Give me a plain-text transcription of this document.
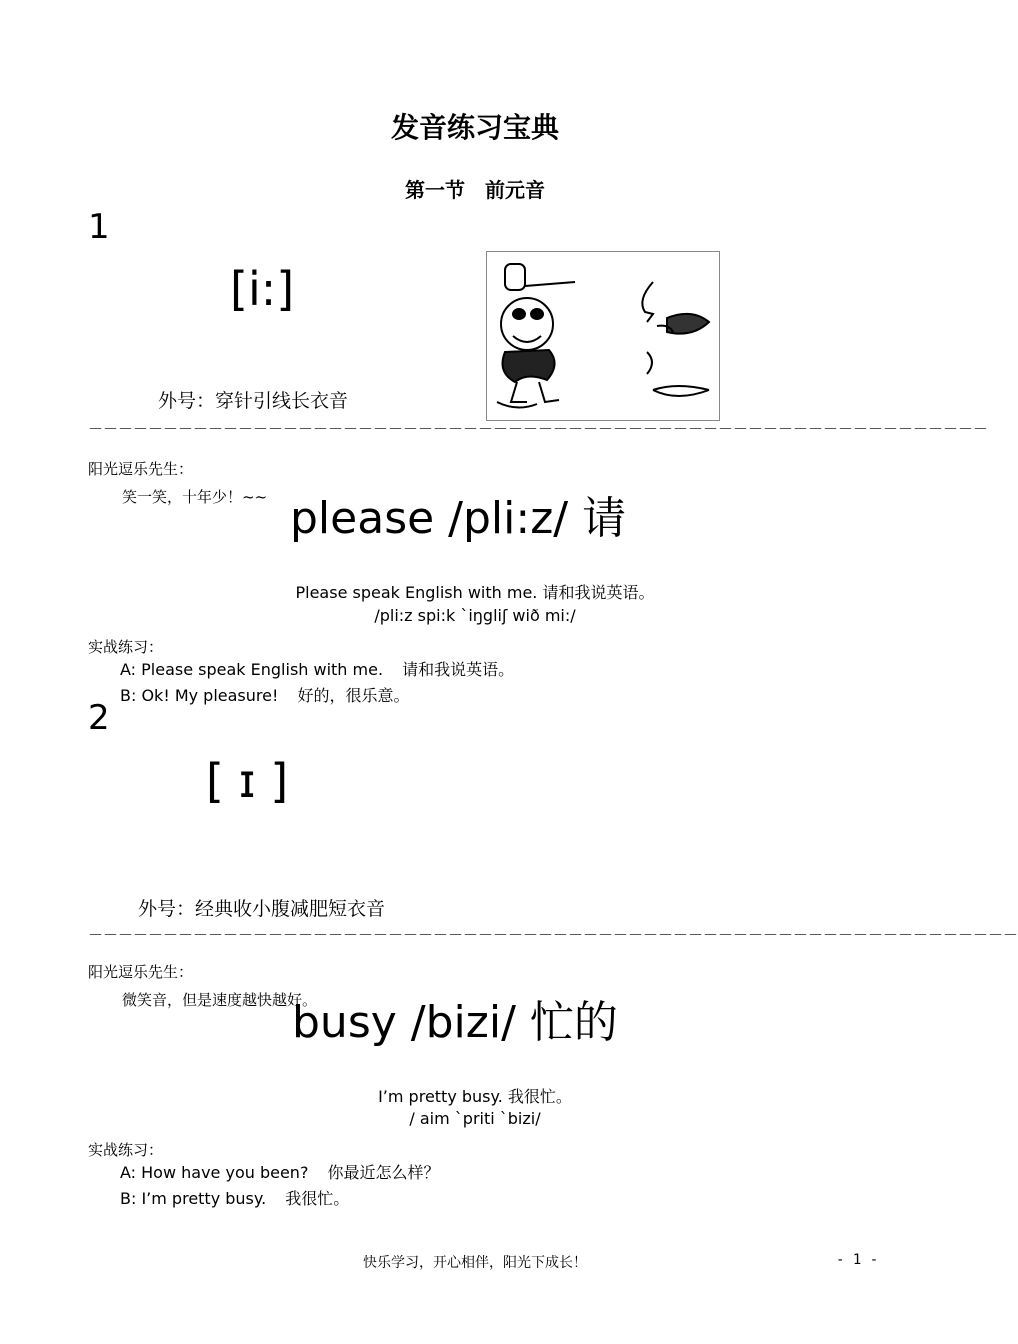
发音练习宝典
第一节　前元音
1
[i:]
外号：穿针引线长衣音
－－－－－－－－－－－－－－－－－－－－－－－－－－－－－－－－－－－－－－－－－－－－－－－－－－－－－－－－－－－－
阳光逗乐先生：
笑一笑，十年少！~~ please /pli:z/ 请
Please speak English with me. 请和我说英语。
/pli:z spi:k ˋiŋgliʃ wið mi:/
实战练习：
A: Please speak English with me. 请和我说英语。
B: Ok! My pleasure! 好的，很乐意。
2
[ ɪ ]
外号：经典收小腹减肥短衣音
－－－－－－－－－－－－－－－－－－－－－－－－－－－－－－－－－－－－－－－－－－－－－－－－－－－－－－－－－－－－－－
阳光逗乐先生：
微笑音，但是速度越快越好。
busy /bizi/ 忙的
I’m pretty busy. 我很忙。
/ aim ˋpriti ˋbizi/
实战练习：
A: How have you been? 你最近怎么样？
B: I’m pretty busy. 我很忙。
快乐学习，开心相伴，阳光下成长！	- 1 -
